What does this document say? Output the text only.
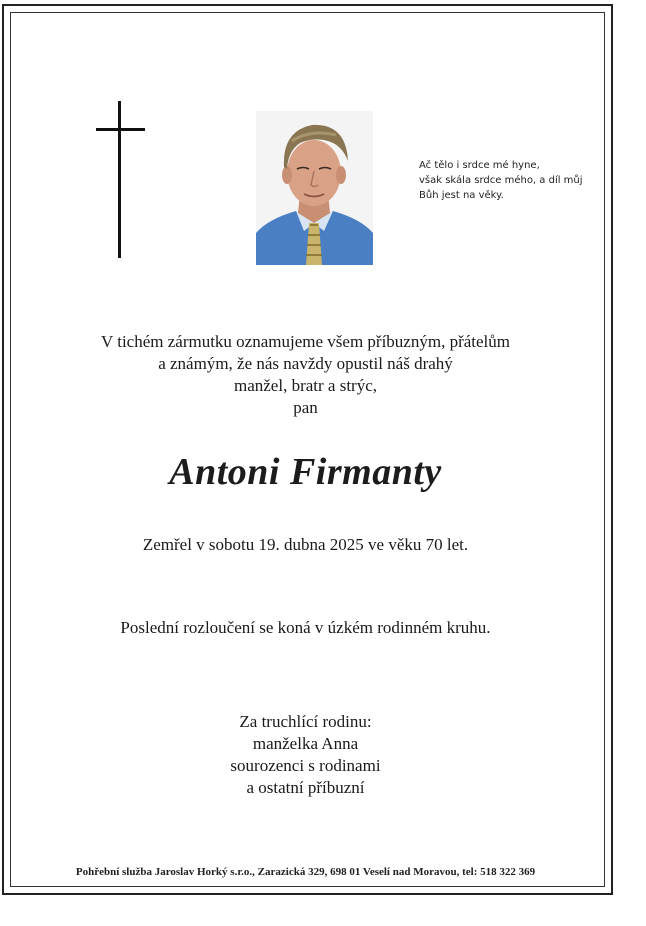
Ač tělo i srdce mé hyne,
však skála srdce mého, a díl můj
Bůh jest na věky.
V tichém zármutku oznamujeme všem příbuzným, přátelům
a známým, že nás navždy opustil náš drahý
manžel, bratr a strýc,
pan
Antoni Firmanty
Zemřel v sobotu 19. dubna 2025 ve věku 70 let.
Poslední rozloučení se koná v úzkém rodinném kruhu.
Za truchlící rodinu:
manželka Anna
sourozenci s rodinami
a ostatní příbuzní
Pohřební služba Jaroslav Horký s.r.o., Zarazická 329, 698 01 Veselí nad Moravou, tel: 518 322 369
